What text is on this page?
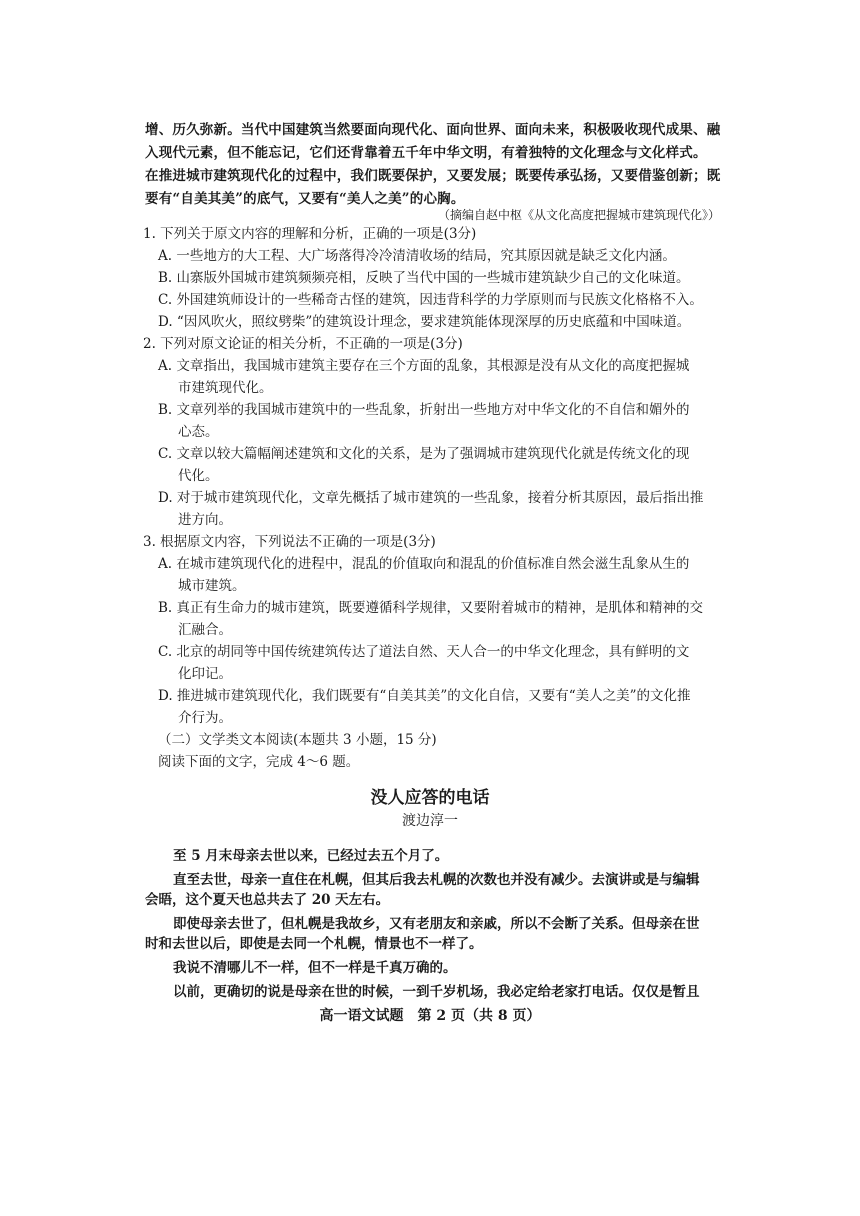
增、历久弥新。当代中国建筑当然要面向现代化、面向世界、面向未来，积极吸收现代成果、融
入现代元素，但不能忘记，它们还背靠着五千年中华文明，有着独特的文化理念与文化样式。
在推进城市建筑现代化的过程中，我们既要保护，又要发展；既要传承弘扬，又要借鉴创新；既
要有“自美其美”的底气，又要有“美人之美”的心胸。
（摘编自赵中枢《从文化高度把握城市建筑现代化》）
1. 下列关于原文内容的理解和分析，正确的一项是(3分)
A. 一些地方的大工程、大广场落得冷冷清清收场的结局，究其原因就是缺乏文化内涵。
B. 山寨版外国城市建筑频频亮相，反映了当代中国的一些城市建筑缺少自己的文化味道。
C. 外国建筑师设计的一些稀奇古怪的建筑，因违背科学的力学原则而与民族文化格格不入。
D. “因风吹火，照纹劈柴”的建筑设计理念，要求建筑能体现深厚的历史底蕴和中国味道。
2. 下列对原文论证的相关分析，不正确的一项是(3分)
A. 文章指出，我国城市建筑主要存在三个方面的乱象，其根源是没有从文化的高度把握城
市建筑现代化。
B. 文章列举的我国城市建筑中的一些乱象，折射出一些地方对中华文化的不自信和媚外的
心态。
C. 文章以较大篇幅阐述建筑和文化的关系，是为了强调城市建筑现代化就是传统文化的现
代化。
D. 对于城市建筑现代化，文章先概括了城市建筑的一些乱象，接着分析其原因，最后指出推
进方向。
3. 根据原文内容，下列说法不正确的一项是(3分)
A. 在城市建筑现代化的进程中，混乱的价值取向和混乱的价值标准自然会滋生乱象从生的
城市建筑。
B. 真正有生命力的城市建筑，既要遵循科学规律，又要附着城市的精神，是肌体和精神的交
汇融合。
C. 北京的胡同等中国传统建筑传达了道法自然、天人合一的中华文化理念，具有鲜明的文
化印记。
D. 推进城市建筑现代化，我们既要有“自美其美”的文化自信，又要有“美人之美”的文化推
介行为。
（二）文学类文本阅读(本题共 3 小题，15 分)
阅读下面的文字，完成 4～6 题。
没人应答的电话
渡边淳一
至 5 月末母亲去世以来，已经过去五个月了。
直至去世，母亲一直住在札幌，但其后我去札幌的次数也并没有减少。去演讲或是与编辑
会晤，这个夏天也总共去了 20 天左右。
即使母亲去世了，但札幌是我故乡，又有老朋友和亲戚，所以不会断了关系。但母亲在世
时和去世以后，即使是去同一个札幌，情景也不一样了。
我说不清哪儿不一样，但不一样是千真万确的。
以前，更确切的说是母亲在世的时候，一到千岁机场，我必定给老家打电话。仅仅是暂且
高一语文试题　第 2 页（共 8 页）
